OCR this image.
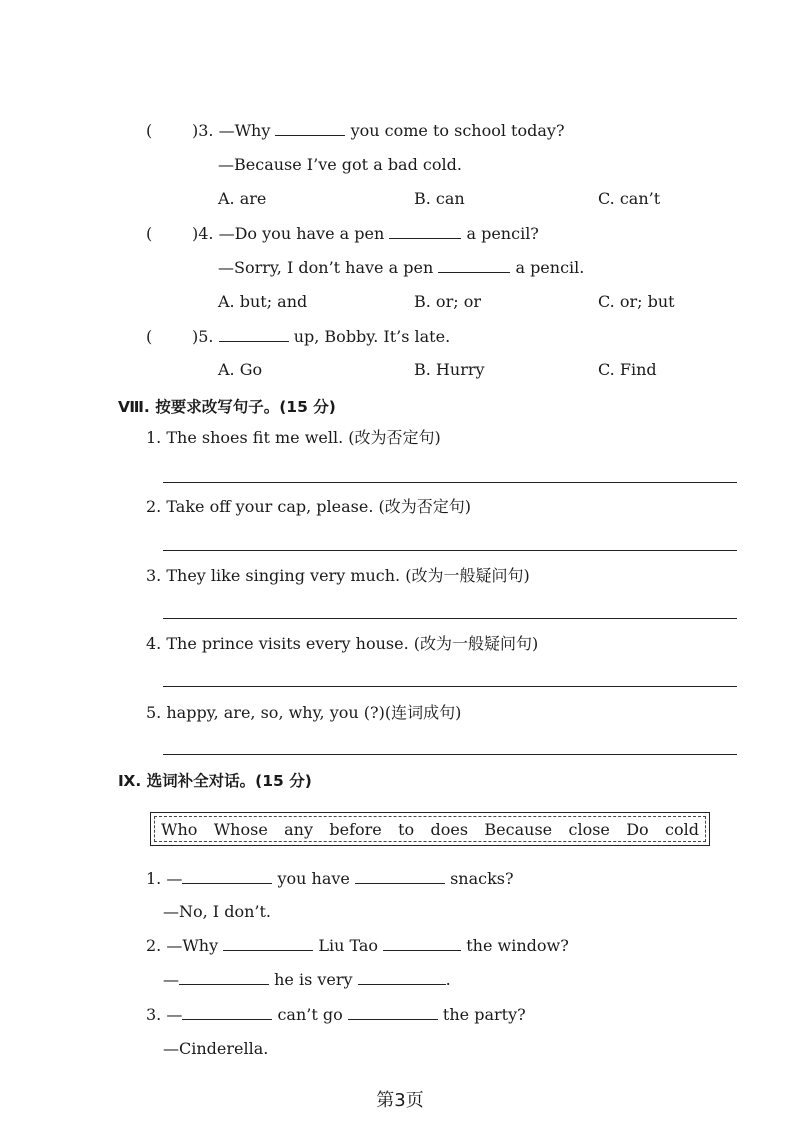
( )3. —Why	you come to school today?
—Because I’ve got a bad cold.
A. are	B. can	C. can’t
( )4. —Do you have a pen	a pencil?
—Sorry, I don’t have a pen	a pencil.
A. but; and	B. or; or	C. or; but
( )5.	up, Bobby. It’s late.
A. Go	B. Hurry	C. Find
Ⅷ. 按要求改写句子。(15 分)
1. The shoes fit me well. (改为否定句)
2. Take off your cap, please. (改为否定句)
3. They like singing very much. (改为一般疑问句)
4. The prince visits every house. (改为一般疑问句)
5. happy, are, so, why, you (?)(连词成句)
Ⅸ. 选词补全对话。(15 分)
Who Whose any before to does Because close Do cold
1. —	you have	snacks?
—No, I don’t.
2. —Why	Liu Tao	the window?
—	he is very	.
3. —	can’t go	the party?
—Cinderella.
第3页
